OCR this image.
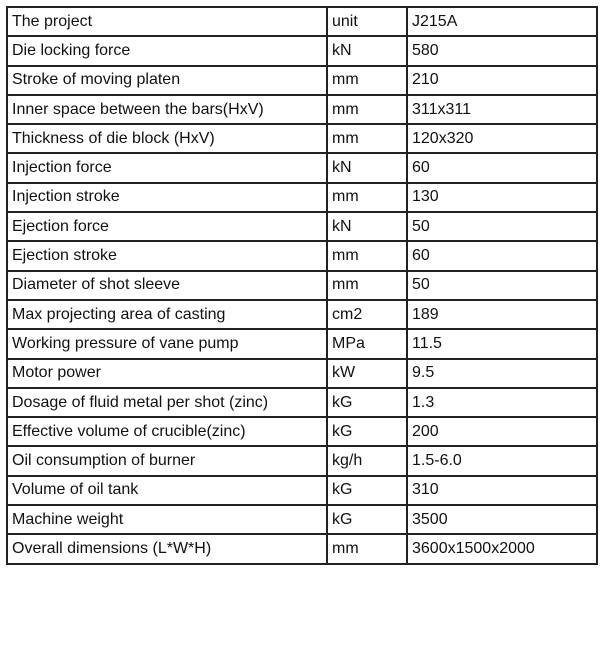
The project	unit	J215A
Die locking force	kN	580
Stroke of moving platen	mm	210
Inner space between the bars(HxV)	mm	311x311
Thickness of die block (HxV)	mm	120x320
Injection force	kN	60
Injection stroke	mm	130
Ejection force	kN	50
Ejection stroke	mm	60
Diameter of shot sleeve	mm	50
Max projecting area of casting	cm2	189
Working pressure of vane pump	MPa	11.5
Motor power	kW	9.5
Dosage of fluid metal per shot (zinc)	kG	1.3
Effective volume of crucible(zinc)	kG	200
Oil consumption of burner	kg/h	1.5-6.0
Volume of oil tank	kG	310
Machine weight	kG	3500
Overall dimensions (L*W*H)	mm	3600x1500x2000
